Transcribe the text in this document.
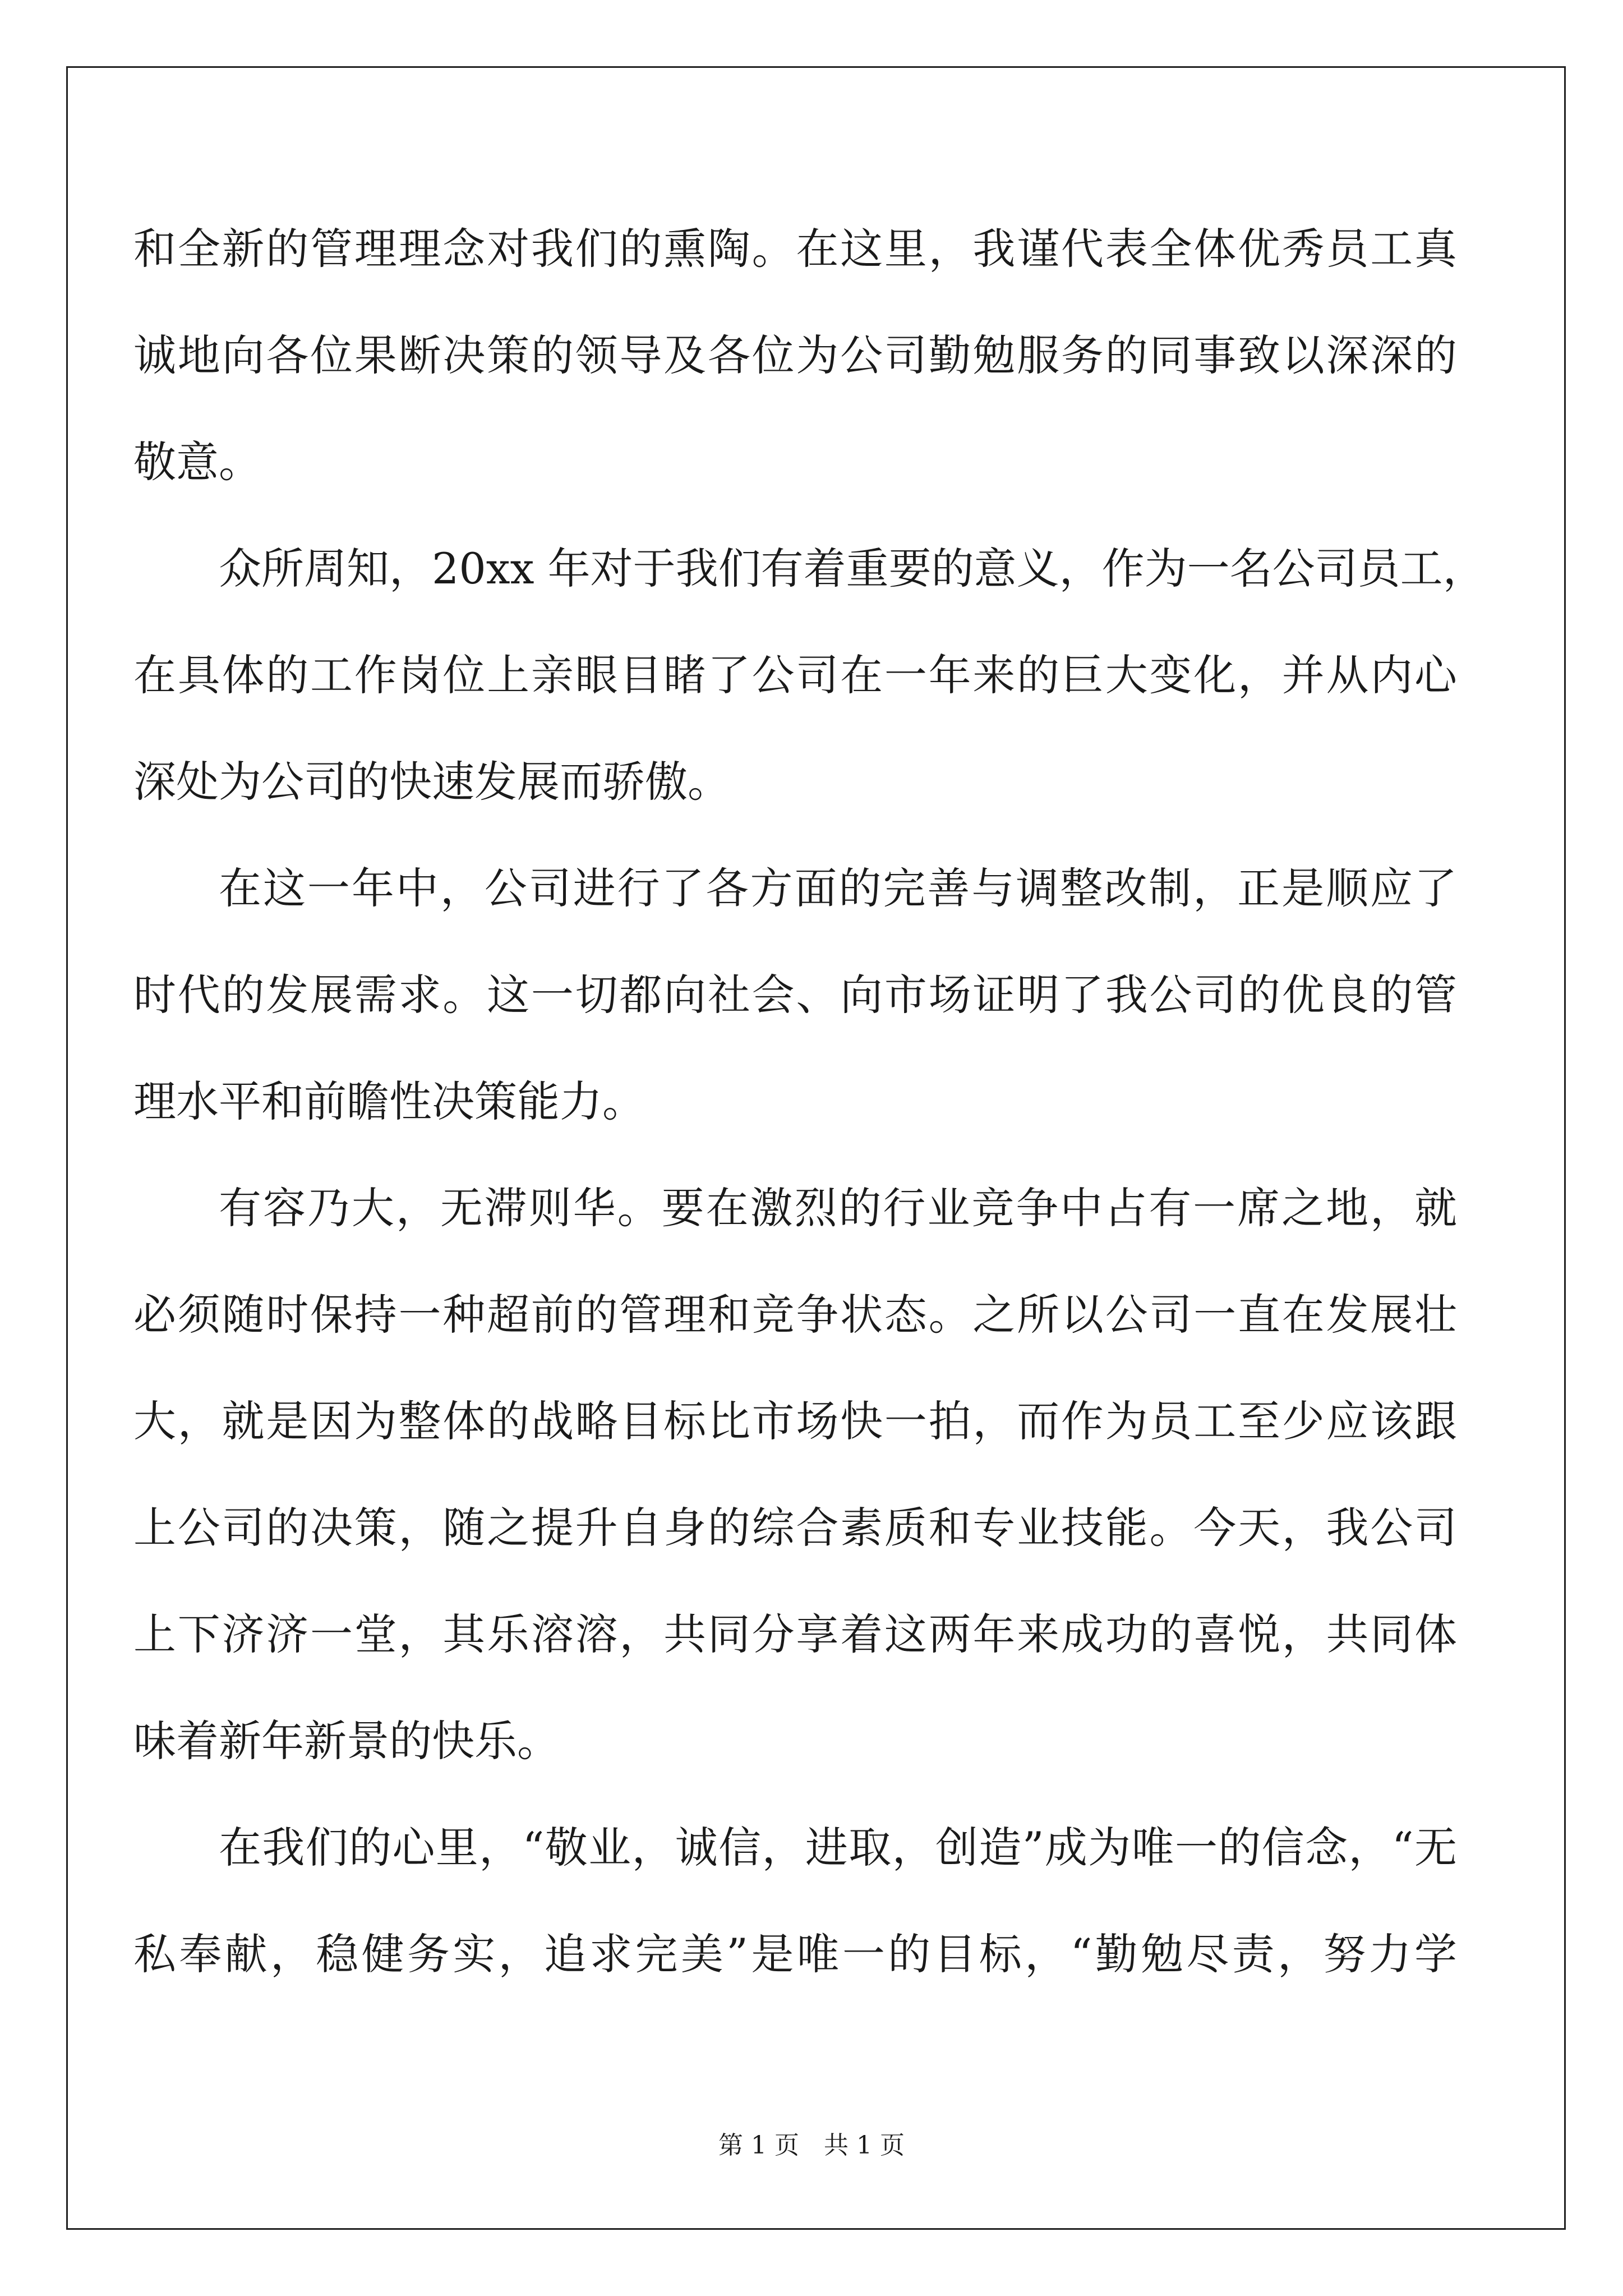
和全新的管理理念对我们的熏陶。在这里，我谨代表全体优秀员工真
诚地向各位果断决策的领导及各位为公司勤勉服务的同事致以深深的
敬意。
众所周知，20xx 年对于我们有着重要的意义，作为一名公司员工，
在具体的工作岗位上亲眼目睹了公司在一年来的巨大变化，并从内心
深处为公司的快速发展而骄傲。
在这一年中，公司进行了各方面的完善与调整改制，正是顺应了
时代的发展需求。这一切都向社会、向市场证明了我公司的优良的管
理水平和前瞻性决策能力。
有容乃大，无滞则华。要在激烈的行业竞争中占有一席之地，就
必须随时保持一种超前的管理和竞争状态。之所以公司一直在发展壮
大，就是因为整体的战略目标比市场快一拍，而作为员工至少应该跟
上公司的决策，随之提升自身的综合素质和专业技能。今天，我公司
上下济济一堂，其乐溶溶，共同分享着这两年来成功的喜悦，共同体
味着新年新景的快乐。
在我们的心里，“敬业，诚信，进取，创造”成为唯一的信念，“无
私奉献，稳健务实，追求完美”是唯一的目标，“勤勉尽责，努力学
第 1 页　共 1 页
